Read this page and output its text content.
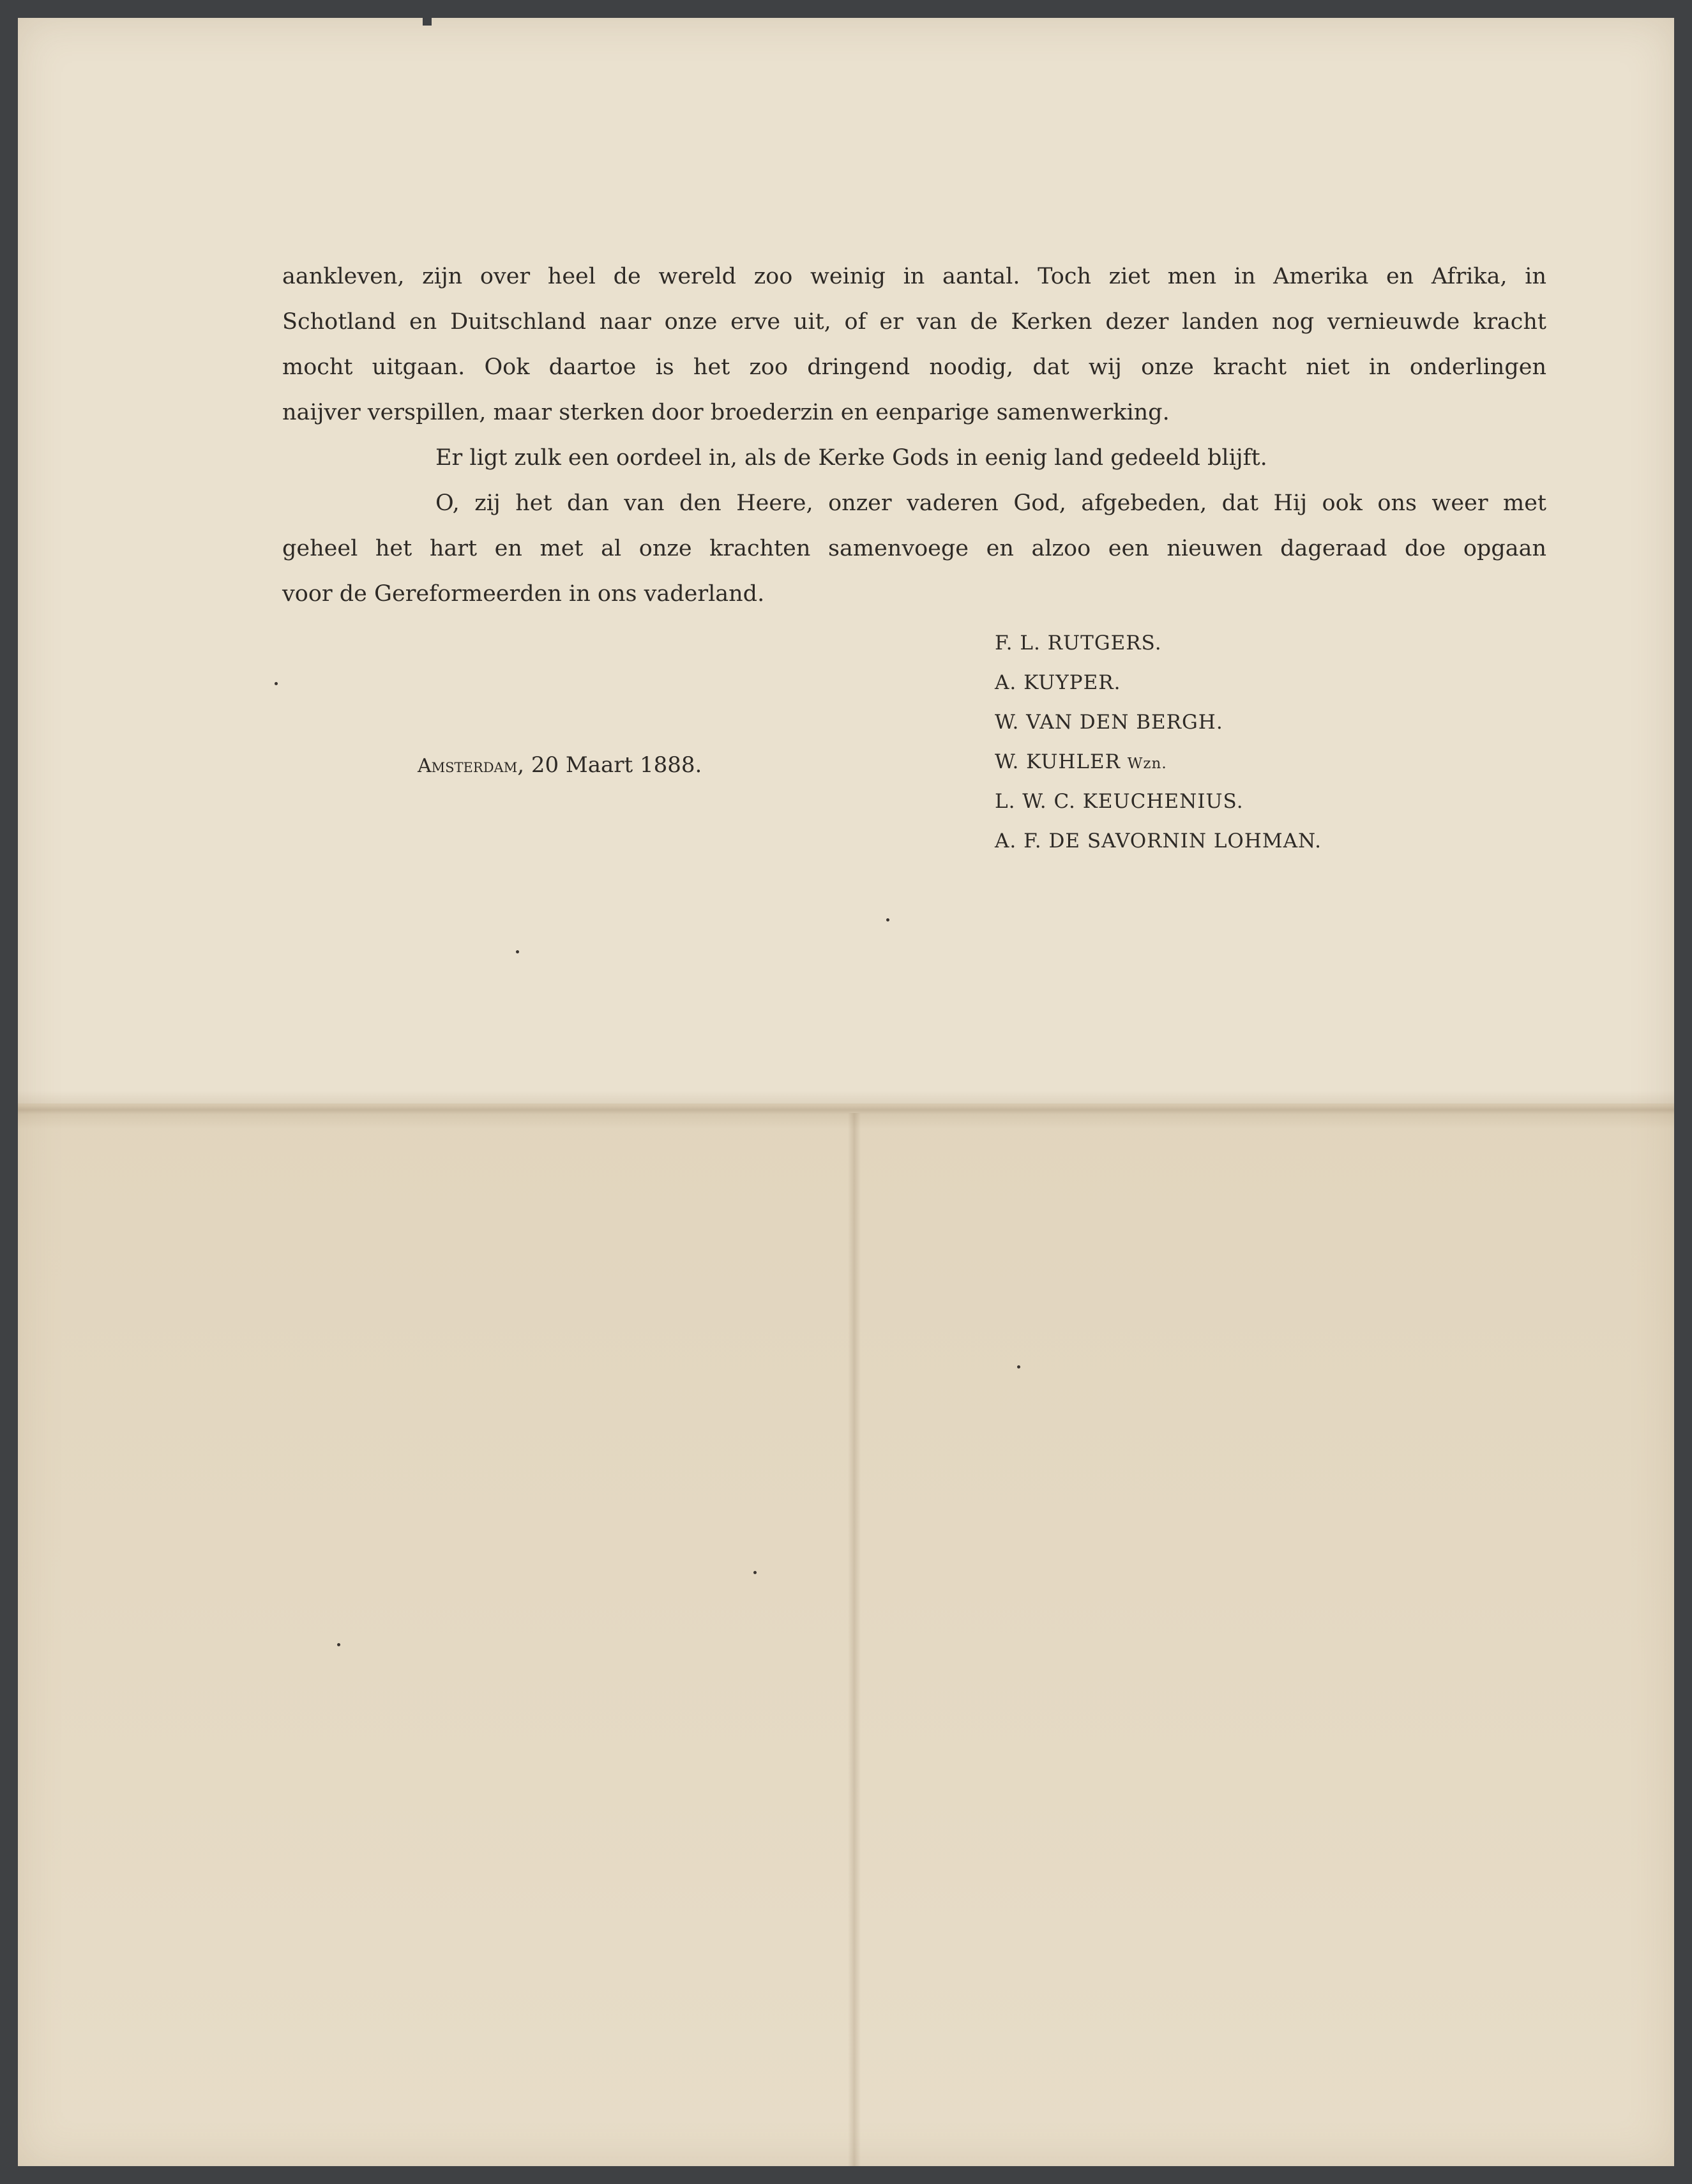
aankleven, zijn over heel de wereld zoo weinig in aantal. Toch ziet men in Amerika en Afrika, in
Schotland en Duitschland naar onze erve uit, of er van de Kerken dezer landen nog vernieuwde kracht
mocht uitgaan. Ook daartoe is het zoo dringend noodig, dat wij onze kracht niet in onderlingen
naijver verspillen, maar sterken door broederzin en eenparige samenwerking.
Er ligt zulk een oordeel in, als de Kerke Gods in eenig land gedeeld blijft.
O, zij het dan van den Heere, onzer vaderen God, afgebeden, dat Hij ook ons weer met
geheel het hart en met al onze krachten samenvoege en alzoo een nieuwen dageraad doe opgaan
voor de Gereformeerden in ons vaderland.
Amsterdam, 20 Maart 1888.
F. L. RUTGERS.
A. KUYPER.
W. VAN DEN BERGH.
W. KUHLER Wzn.
L. W. C. KEUCHENIUS.
A. F. DE SAVORNIN LOHMAN.
